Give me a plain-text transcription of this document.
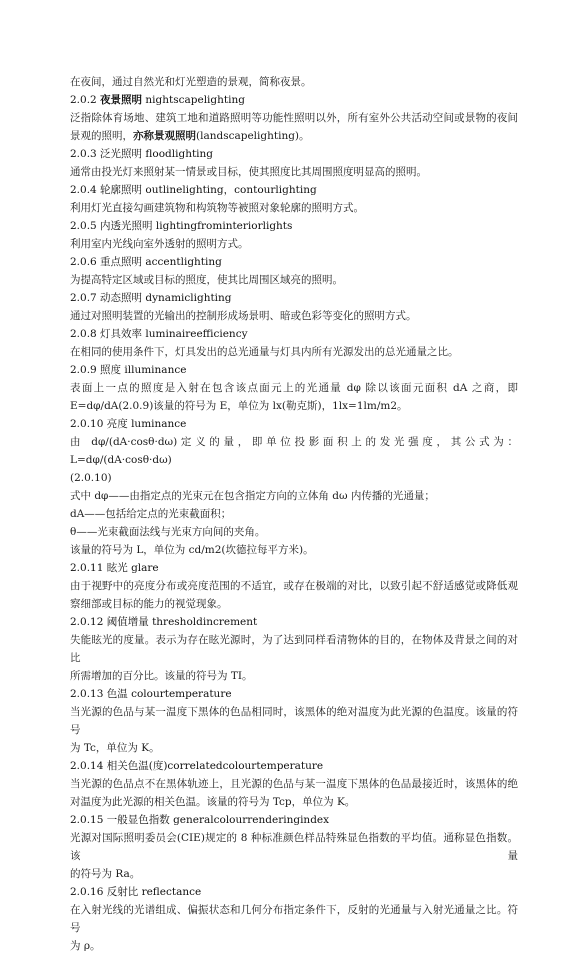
在夜间，通过自然光和灯光塑造的景观，简称夜景。
2.0.2 夜景照明 nightscapelighting
泛指除体育场地、建筑工地和道路照明等功能性照明以外，所有室外公共活动空间或景物的夜间
景观的照明，亦称景观照明(landscapelighting)。
2.0.3 泛光照明 floodlighting
通常由投光灯来照射某一情景或目标，使其照度比其周围照度明显高的照明。
2.0.4 轮廓照明 outlinelighting，contourlighting
利用灯光直接勾画建筑物和构筑物等被照对象轮廓的照明方式。
2.0.5 内透光照明 lightingfrominteriorlights
利用室内光线向室外透射的照明方式。
2.0.6 重点照明 accentlighting
为提高特定区域或目标的照度，使其比周围区域亮的照明。
2.0.7 动态照明 dynamiclighting
通过对照明装置的光输出的控制形成场景明、暗或色彩等变化的照明方式。
2.0.8 灯具效率 luminaireefficiency
在相同的使用条件下，灯具发出的总光通量与灯具内所有光源发出的总光通量之比。
2.0.9 照度 illuminance
表面上一点的照度是入射在包含该点面元上的光通量 dφ 除以该面元面积 dA 之商，即
E=dφ/dA(2.0.9)该量的符号为 E，单位为 lx(勒克斯)，1lx=1lm/m2。
2.0.10 亮度 luminance
由 dφ/(dA·cosθ·dω)定义的量，即单位投影面积上的发光强度，其公式为：L=dφ/(dA·cosθ·dω)
(2.0.10)
式中 dφ——由指定点的光束元在包含指定方向的立体角 dω 内传播的光通量；
dA——包括给定点的光束截面积；
θ——光束截面法线与光束方向间的夹角。
该量的符号为 L，单位为 cd/m2(坎德拉每平方米)。
2.0.11 眩光 glare
由于视野中的亮度分布或亮度范围的不适宜，或存在极端的对比，以致引起不舒适感觉或降低观
察细部或目标的能力的视觉现象。
2.0.12 阈值增量 thresholdincrement
失能眩光的度量。表示为存在眩光源时，为了达到同样看清物体的目的，在物体及背景之间的对比
所需增加的百分比。该量的符号为 TI。
2.0.13 色温 colourtemperature
当光源的色品与某一温度下黑体的色品相同时，该黑体的绝对温度为此光源的色温度。该量的符号
为 Tc，单位为 K。
2.0.14 相关色温(度)correlatedcolourtemperature
当光源的色品点不在黑体轨迹上，且光源的色品与某一温度下黑体的色品最接近时，该黑体的绝
对温度为此光源的相关色温。该量的符号为 Tcp，单位为 K。
2.0.15 一般显色指数 generalcolourrenderingindex
光源对国际照明委员会(CIE)规定的 8 种标准颜色样品特殊显色指数的平均值。通称显色指数。该量
的符号为 Ra。
2.0.16 反射比 reflectance
在入射光线的光谱组成、偏振状态和几何分布指定条件下，反射的光通量与入射光通量之比。符号
为 ρ。
